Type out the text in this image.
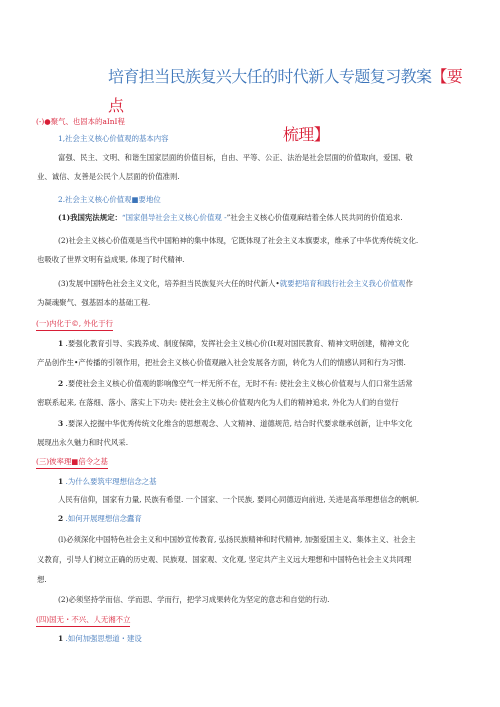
培育担当民族复兴大任的时代新人专题复习教案【要点
梳理】
(-)●聚气、也固本的aInI程
1,社会主义核心价值观的基本内容
富强、民主、文明、和谐生国家层面的价值目标，自由、平等、公正、法治是社会层面的价值取向，爱国、敬
业、诚信、友善是公民个人层面的价值准则.
2.社会主义核心价值观■要地位
(1)我国宪法规定：“国家倡导社会主义核心价值观 -”社会主义核心价值观麻结着全体人民共同的价值追求.
(2)社会主义核心价值观是当代中国粕神的集中体现，它既体现了社会主义本旗要求，维承了中华优秀传统文化.
也吸收了世界文明有益成果, 体现了时代精神.
(3)发展中国特色社会主义文化，培养担当民族复兴大任的时代新人•就要把培育和践行社会主义我心价值观作
为凝魂聚气、强基固本的基础工程.
(一)内化于©, 外化于行
1 .要强化教育引导、实践养成、制度保障，发挥社会主义核心价(It观对国民教育、精神文明创建，精神文化
产品创作生•产传播的引领作用，把社会主义核心价值观融入社会发展各方面，转化为人们的情感认同和行为习惯.
2 .要使社会主义核心价值观的影响像空气一样无所不在，无时不有: 使社会主义核心价值观与人们口常生活常
密联系起来, 在落细、落小、落实上下功夫: 使社会主义核心价值观内化为人们的精神追求, 外化为人们的自觉行
3 .要深入挖掘中华优秀传统文化维含的思想观念、人文精神、道德规范, 结合时代要求继承创新，让中华文化
展现出永久魅力和时代风采.
(三)彼率理■倍令之基
1 .为什么要筑牢理想信念之基
人民有信仰，国家有力量, 民族有希望. 一个国家、一个民族, 要同心同德迈向前进, 关进是高举理想信念的帆帜.
2 .如何开展理想信念蠹育
(l)必须深化中国特色社会主义和中国妙宣传教育, 弘扬民族精神和时代精神, 加强爱国主义、集体主义、社会主
义教育，引导人们树立正确的历史观、民族观、国家观、文化观, 坚定共产主义远大理想和中国特色社会主义共同理
想.
(2)必须坚持学而信、学而思、学而行，把学习成果转化为坚定的意志和自觉的行动.
(四)国无・不兴、人无湘不立
1 .如何加强思想道・建设
